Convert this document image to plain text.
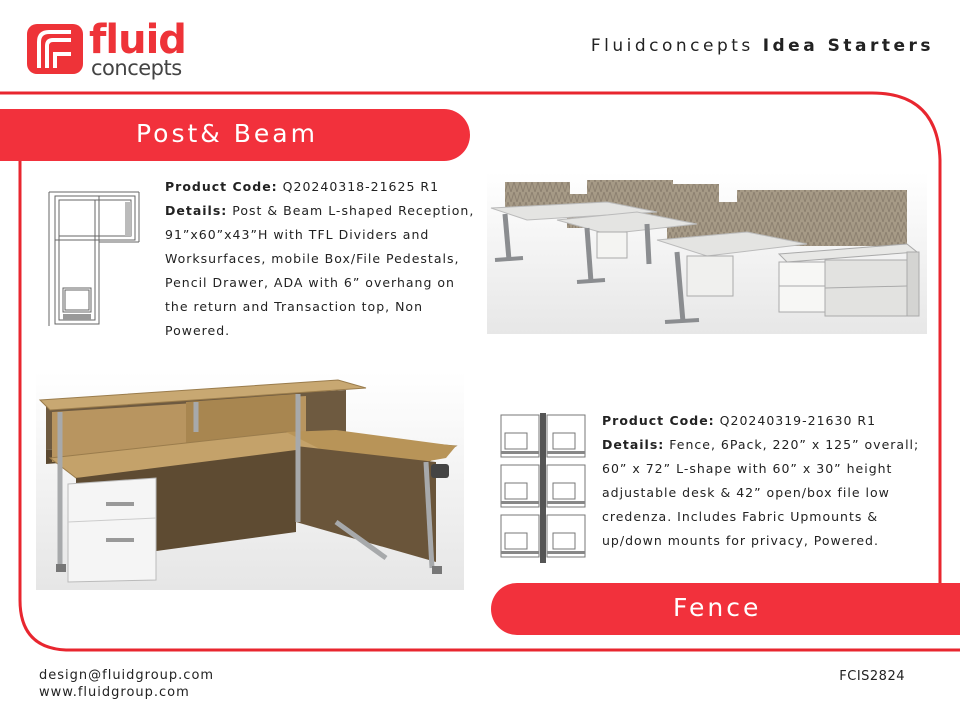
fluid
concepts
Fluidconcepts Idea Starters
Post& Beam
Product Code: Q20240318-21625 R1
Details: Post & Beam L-shaped Reception, 91”x60”x43”H with TFL Dividers and Worksurfaces, mobile Box/File Pedestals, Pencil Drawer, ADA with 6” overhang on the return and Transaction top, Non Powered.
Product Code: Q20240319-21630 R1
Details: Fence, 6Pack, 220” x 125” overall; 60” x 72” L-shape with 60” x 30” height adjustable desk & 42” open/box file low credenza. Includes Fabric Upmounts & up/down mounts for privacy, Powered.
Fence
design@fluidgroup.com
www.fluidgroup.com
FCIS2824
